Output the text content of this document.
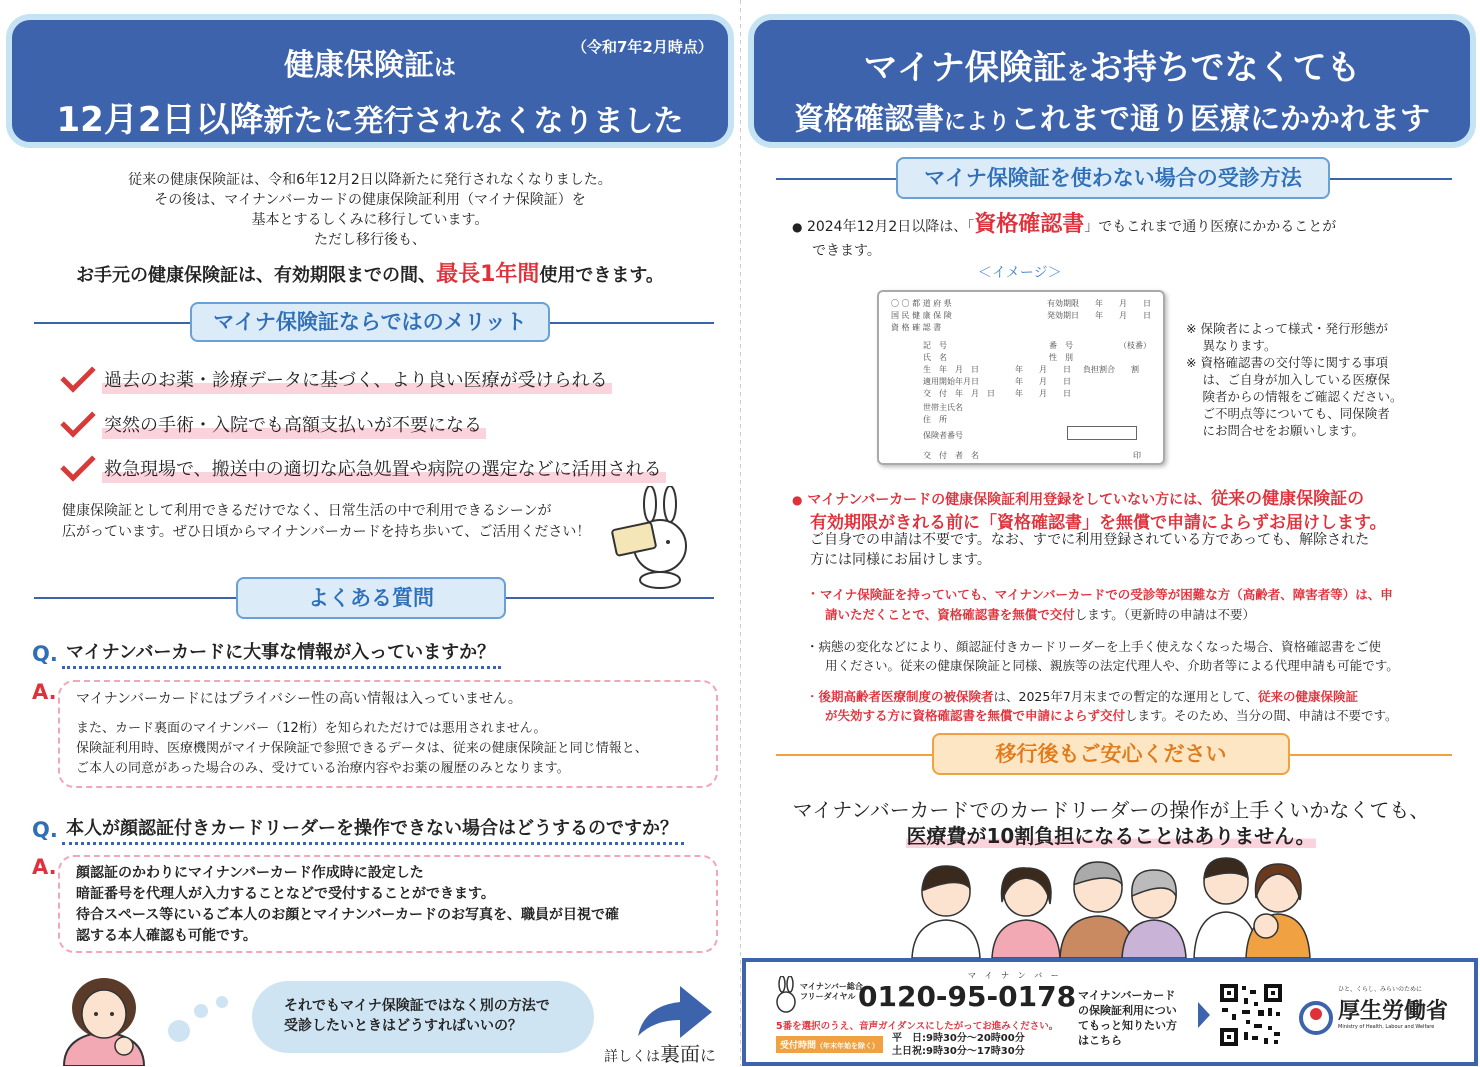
健康保険証は
（令和7年2月時点）
12月2日以降新たに発行されなくなりました
従来の健康保険証は、令和6年12月2日以降新たに発行されなくなりました。
その後は、マイナンバーカードの健康保険証利用（マイナ保険証）を
基本とするしくみに移行しています。
ただし移行後も、
お手元の健康保険証は、有効期限までの間、最長1年間使用できます。
マイナ保険証ならではのメリット
過去のお薬・診療データに基づく、より良い医療が受けられる
突然の手術・入院でも高額支払いが不要になる
救急現場で、搬送中の適切な応急処置や病院の選定などに活用される
健康保険証として利用できるだけでなく、日常生活の中で利用できるシーンが
広がっています。ぜひ日頃からマイナンバーカードを持ち歩いて、ご活用ください！
よくある質問
Q. マイナンバーカードに大事な情報が入っていますか？
A. マイナンバーカードにはプライバシー性の高い情報は入っていません。
また、カード裏面のマイナンバー（12桁）を知られただけでは悪用されません。
保険証利用時、医療機関がマイナ保険証で参照できるデータは、従来の健康保険証と同じ情報と、
ご本人の同意があった場合のみ、受けている治療内容やお薬の履歴のみとなります。
Q. 本人が顔認証付きカードリーダーを操作できない場合はどうするのですか？
A. 顔認証のかわりにマイナンバーカード作成時に設定した
暗証番号を代理人が入力することなどで受付することができます。
待合スペース等にいるご本人のお顔とマイナンバーカードのお写真を、職員が目視で確
認する本人確認も可能です。
それでもマイナ保険証ではなく別の方法で
受診したいときはどうすればいいの？
詳しくは裏面に
マイナ保険証をお持ちでなくても
資格確認書によりこれまで通り医療にかかれます
マイナ保険証を使わない場合の受診方法
● 2024年12月2日以降は、「資格確認書」でもこれまで通り医療にかかることが
できます。
＜イメージ＞
〇 〇 都 道 府 県
国 民 健 康 保 険
資 格 確 認 書
有効期限　　年　　月　　日
発効期日　　年　　月　　日
記　号	番　号	（枝番）
氏　名	性　別
生　年　月　日	年　　月　　日 負担割合　　割
適用開始年月日	年　　月　　日
交　付　年　月　日	年　　月　　日
世帯主氏名
住　所
保険者番号
交　付　者　名	印
※ 保険者によって様式・発行形態が
　 異なります。
※ 資格確認書の交付等に関する事項
　 は、ご自身が加入している医療保
　 険者からの情報をご確認ください。
　 ご不明点等についても、同保険者
　 にお問合せをお願いします。
● マイナンバーカードの健康保険証利用登録をしていない方には、従来の健康保険証の
有効期限がきれる前に「資格確認書」を無償で申請によらずお届けします。
ご自身での申請は不要です。なお、すでに利用登録されている方であっても、解除された
方には同様にお届けします。
・マイナ保険証を持っていても、マイナンバーカードでの受診等が困難な方（高齢者、障害者等）は、申
請いただくことで、資格確認書を無償で交付します。（更新時の申請は不要）
・病態の変化などにより、顔認証付きカードリーダーを上手く使えなくなった場合、資格確認書をご使
用ください。従来の健康保険証と同様、親族等の法定代理人や、介助者等による代理申請も可能です。
・後期高齢者医療制度の被保険者は、2025年7月末までの暫定的な運用として、従来の健康保険証
が失効する方に資格確認書を無償で申請によらず交付します。そのため、当分の間、申請は不要です。
移行後もご安心ください
マイナンバーカードでのカードリーダーの操作が上手くいかなくても、
医療費が10割負担になることはありません。
マイナンバー総合
フリーダイヤル
マ イ ナ ン バ ー
0120-95-0178
5番を選択のうえ、音声ガイダンスにしたがってお進みください。
受付時間（年末年始を除く）
平　日:9時30分～20時00分
土日祝:9時30分～17時30分
マイナンバーカード
の保険証利用につい
てもっと知りたい方
はこちら
ひと、くらし、みらいのために
厚生労働省
Ministry of Health, Labour and Welfare
